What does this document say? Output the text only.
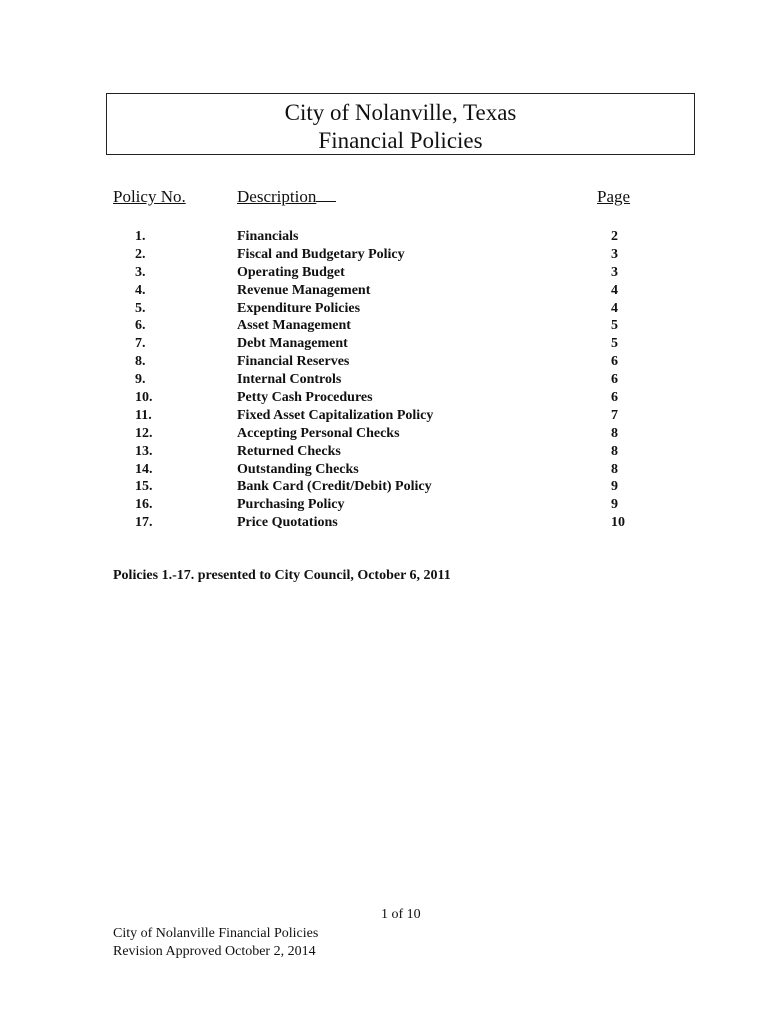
City of Nolanville, Texas
Financial Policies
Policy No.	Description	Page
1.	Financials	2
2.	Fiscal and Budgetary Policy	3
3.	Operating Budget	3
4.	Revenue Management	4
5.	Expenditure Policies	4
6.	Asset Management	5
7.	Debt Management	5
8.	Financial Reserves	6
9.	Internal Controls	6
10.	Petty Cash Procedures	6
11.	Fixed Asset Capitalization Policy	7
12.	Accepting Personal Checks	8
13.	Returned Checks	8
14.	Outstanding Checks	8
15.	Bank Card (Credit/Debit) Policy	9
16.	Purchasing Policy	9
17.	Price Quotations	10
Policies 1.-17. presented to City Council, October 6, 2011
1 of 10
City of Nolanville Financial Policies
Revision Approved October 2, 2014
